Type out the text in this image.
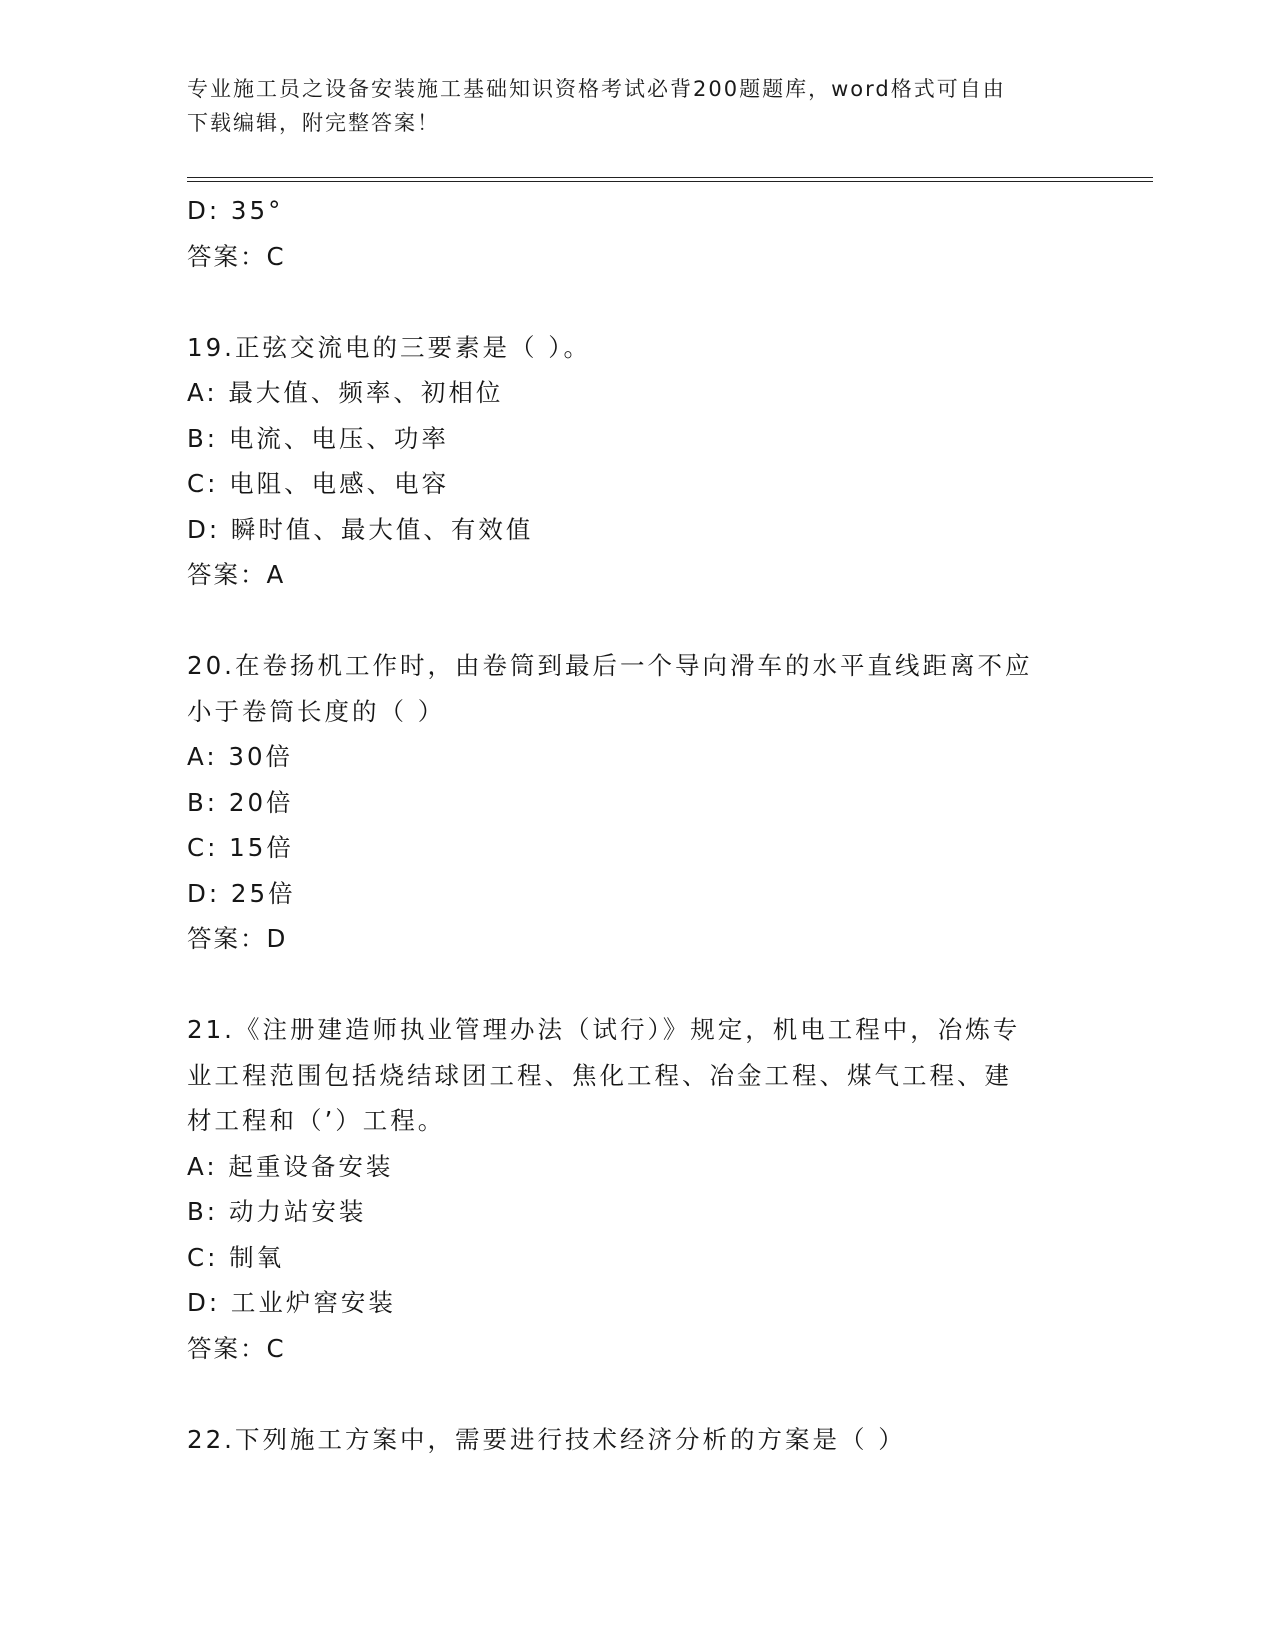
专业施工员之设备安装施工基础知识资格考试必背200题题库，word格式可自由
下载编辑，附完整答案！
D: 35°
答案：C
19.正弦交流电的三要素是（ ）。
A: 最大值、频率、初相位
B: 电流、电压、功率
C: 电阻、电感、电容
D: 瞬时值、最大值、有效值
答案：A
20.在卷扬机工作时，由卷筒到最后一个导向滑车的水平直线距离不应
小于卷筒长度的（ ）
A: 30倍
B: 20倍
C: 15倍
D: 25倍
答案：D
21.《注册建造师执业管理办法（试行）》规定，机电工程中，冶炼专
业工程范围包括烧结球团工程、焦化工程、冶金工程、煤气工程、建
材工程和（’）工程。
A: 起重设备安装
B: 动力站安装
C: 制氧
D: 工业炉窖安装
答案：C
22.下列施工方案中，需要进行技术经济分析的方案是（ ）
